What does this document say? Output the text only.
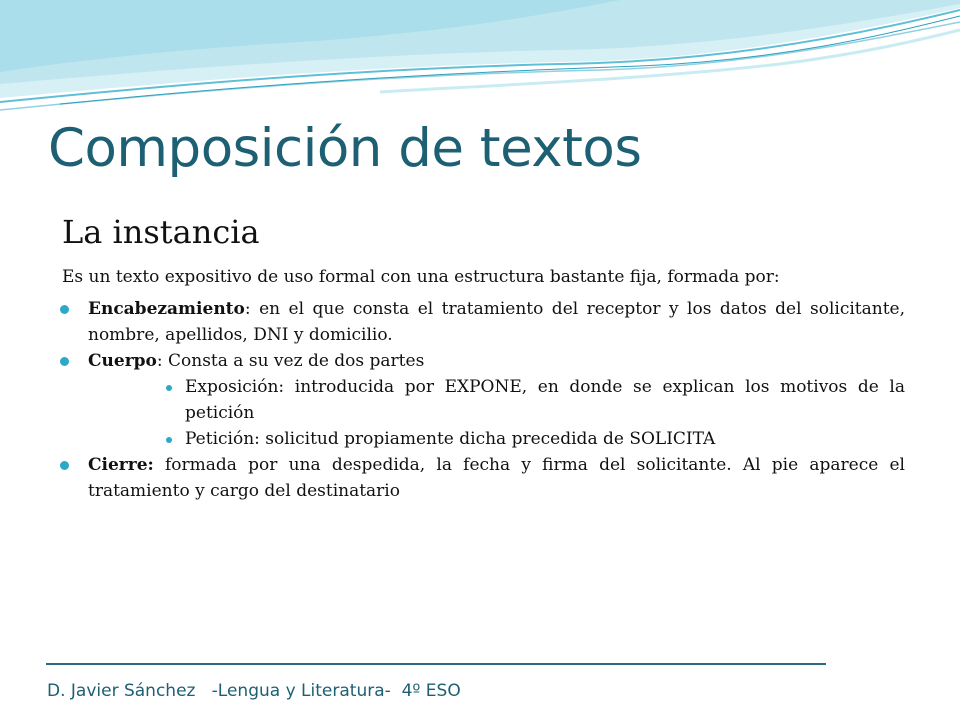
Composición de textos
La instancia

Es un texto expositivo de uso formal con una estructura bastante fija, formada por:

Encabezamiento: en el que consta el tratamiento del receptor y los datos del solicitante, nombre, apellidos, DNI y domicilio.

Cuerpo: Consta a su vez de dos partes

Exposición: introducida por EXPONE, en donde se explican los motivos de la petición

Petición: solicitud propiamente dicha precedida de SOLICITA

Cierre: formada por una despedida, la fecha y firma del solicitante. Al pie aparece el tratamiento y cargo del destinatario

D. Javier Sánchez   -Lengua y Literatura-  4º ESO
